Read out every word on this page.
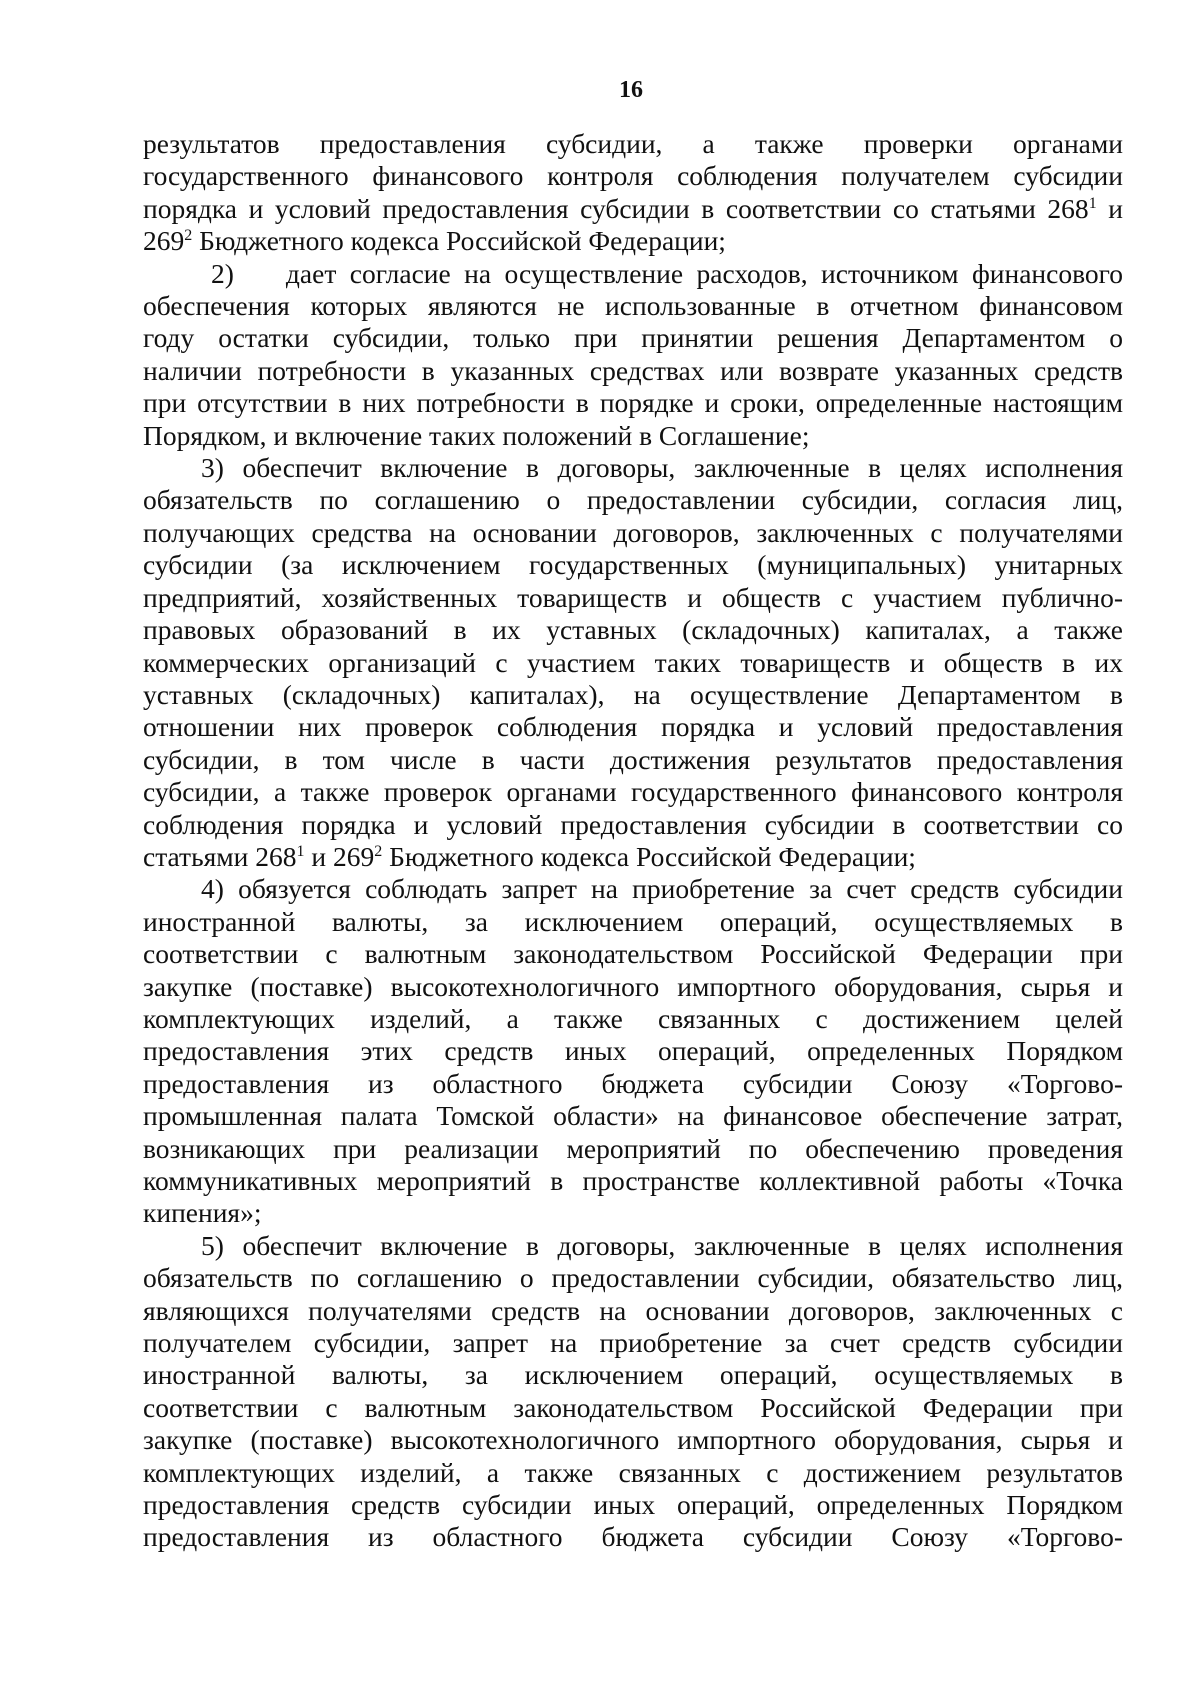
16
результатов предоставления субсидии, а также проверки органами
государственного финансового контроля соблюдения получателем субсидии
порядка и условий предоставления субсидии в соответствии со статьями $268^1$ и
$269^2$ Бюджетного кодекса Российской Федерации;
2) дает согласие на осуществление расходов, источником финансового
обеспечения которых являются не использованные в отчетном финансовом
году остатки субсидии, только при принятии решения Департаментом о
наличии потребности в указанных средствах или возврате указанных средств
при отсутствии в них потребности в порядке и сроки, определенные настоящим
Порядком, и включение таких положений в Соглашение;
3) обеспечит включение в договоры, заключенные в целях исполнения
обязательств по соглашению о предоставлении субсидии, согласия лиц,
получающих средства на основании договоров, заключенных с получателями
субсидии (за исключением государственных (муниципальных) унитарных
предприятий, хозяйственных товариществ и обществ с участием публично-
правовых образований в их уставных (складочных) капиталах, а также
коммерческих организаций с участием таких товариществ и обществ в их
уставных (складочных) капиталах), на осуществление Департаментом в
отношении них проверок соблюдения порядка и условий предоставления
субсидии, в том числе в части достижения результатов предоставления
субсидии, а также проверок органами государственного финансового контроля
соблюдения порядка и условий предоставления субсидии в соответствии со
статьями $268^1$ и $269^2$ Бюджетного кодекса Российской Федерации;
4) обязуется соблюдать запрет на приобретение за счет средств субсидии
иностранной валюты, за исключением операций, осуществляемых в
соответствии с валютным законодательством Российской Федерации при
закупке (поставке) высокотехнологичного импортного оборудования, сырья и
комплектующих изделий, а также связанных с достижением целей
предоставления этих средств иных операций, определенных Порядком
предоставления из областного бюджета субсидии Союзу «Торгово-
промышленная палата Томской области» на финансовое обеспечение затрат,
возникающих при реализации мероприятий по обеспечению проведения
коммуникативных мероприятий в пространстве коллективной работы «Точка
кипения»;
5) обеспечит включение в договоры, заключенные в целях исполнения
обязательств по соглашению о предоставлении субсидии, обязательство лиц,
являющихся получателями средств на основании договоров, заключенных с
получателем субсидии, запрет на приобретение за счет средств субсидии
иностранной валюты, за исключением операций, осуществляемых в
соответствии с валютным законодательством Российской Федерации при
закупке (поставке) высокотехнологичного импортного оборудования, сырья и
комплектующих изделий, а также связанных с достижением результатов
предоставления средств субсидии иных операций, определенных Порядком
предоставления из областного бюджета субсидии Союзу «Торгово-
